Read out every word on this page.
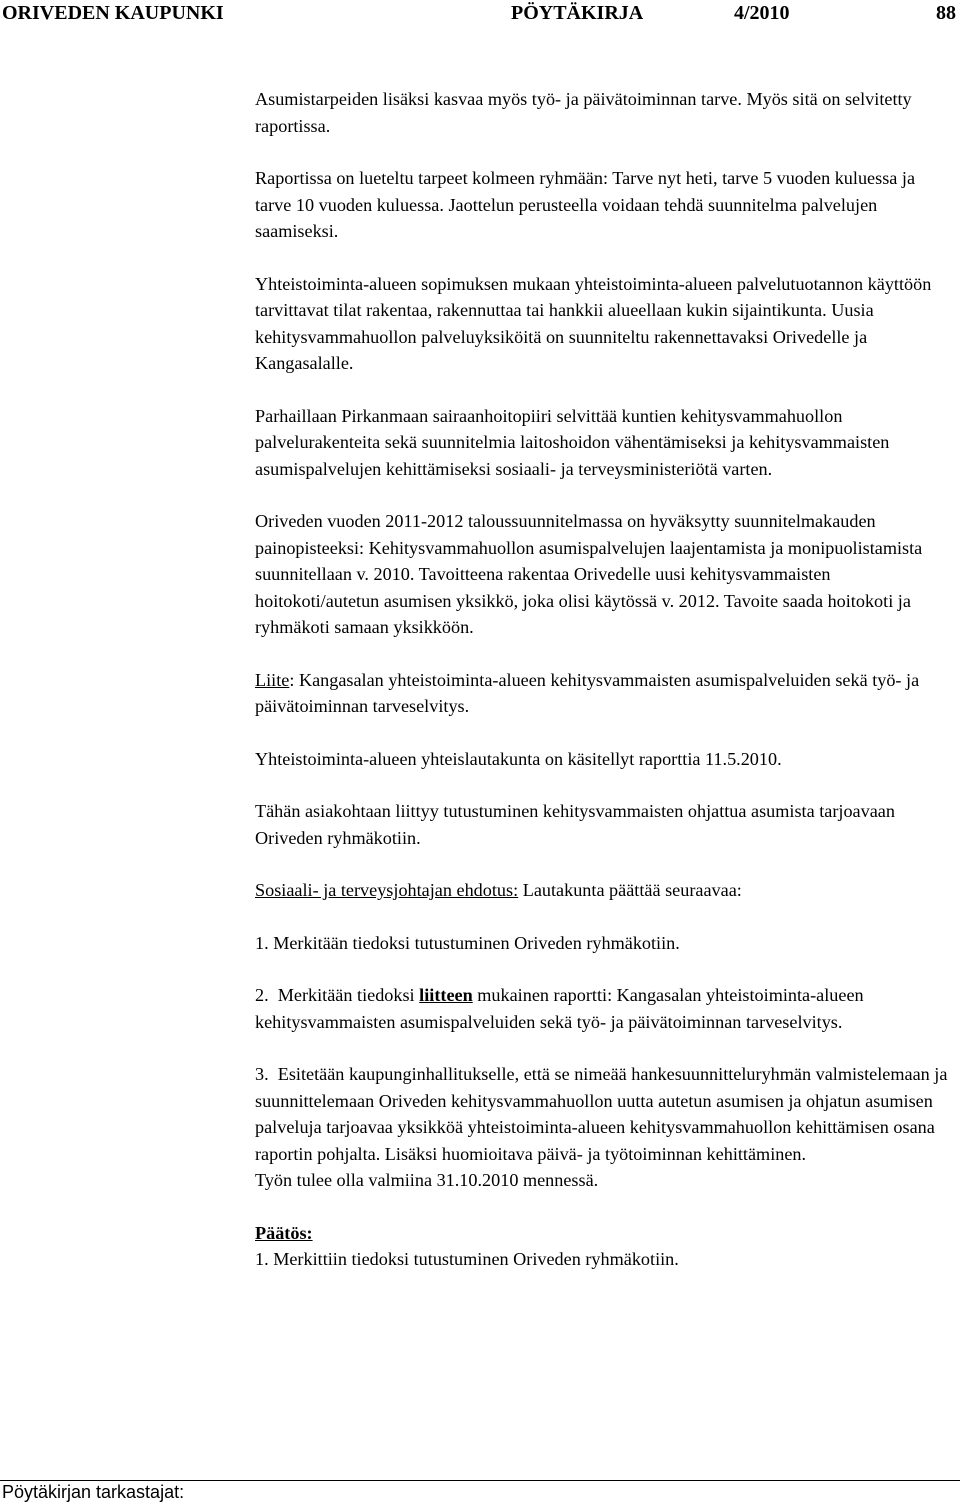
ORIVEDEN KAUPUNKI	PÖYTÄKIRJA	4/2010	88

Asumistarpeiden lisäksi kasvaa myös työ- ja päivätoiminnan tarve. Myös sitä on selvitetty raportissa.

Raportissa on lueteltu tarpeet kolmeen ryhmään: Tarve nyt heti, tarve 5 vuoden kuluessa ja tarve 10 vuoden kuluessa. Jaottelun perusteella voidaan tehdä suunnitelma palvelujen saamiseksi.

Yhteistoiminta-alueen sopimuksen mukaan yhteistoiminta-alueen palvelutuotannon käyttöön tarvittavat tilat rakentaa, rakennuttaa tai hankkii alueellaan kukin sijaintikunta. Uusia kehitysvammahuollon palveluyksiköitä on suunniteltu rakennettavaksi Orivedelle ja Kangasalalle.

Parhaillaan Pirkanmaan sairaanhoitopiiri selvittää kuntien kehitysvammahuollon palvelurakenteita sekä suunnitelmia laitoshoidon vähentämiseksi ja kehitysvammaisten asumispalvelujen kehittämiseksi sosiaali- ja terveysministeriötä varten.

Oriveden vuoden 2011-2012 taloussuunnitelmassa on hyväksytty suunnitelmakauden painopisteeksi: Kehitysvammahuollon asumispalvelujen laajentamista ja monipuolistamista suunnitellaan v. 2010. Tavoitteena rakentaa Orivedelle uusi kehitysvammaisten hoitokoti/autetun asumisen yksikkö, joka olisi käytössä v. 2012. Tavoite saada hoitokoti ja ryhmäkoti samaan yksikköön.

Liite: Kangasalan yhteistoiminta-alueen kehitysvammaisten asumispalveluiden sekä työ- ja päivätoiminnan tarveselvitys.

Yhteistoiminta-alueen yhteislautakunta on käsitellyt raporttia 11.5.2010.

Tähän asiakohtaan liittyy tutustuminen kehitysvammaisten ohjattua asumista tarjoavaan Oriveden ryhmäkotiin.

Sosiaali- ja terveysjohtajan ehdotus: Lautakunta päättää seuraavaa:

1. Merkitään tiedoksi tutustuminen Oriveden ryhmäkotiin.

2. Merkitään tiedoksi liitteen mukainen raportti: Kangasalan yhteistoiminta-alueen kehitysvammaisten asumispalveluiden sekä työ- ja päivätoiminnan tarveselvitys.

3. Esitetään kaupunginhallitukselle, että se nimeää hankesuunnitteluryhmän valmistelemaan ja suunnittelemaan Oriveden kehitysvammahuollon uutta autetun asumisen ja ohjatun asumisen palveluja tarjoavaa yksikköä yhteistoiminta-alueen kehitysvammahuollon kehittämisen osana raportin pohjalta. Lisäksi huomioitava päivä- ja työtoiminnan kehittäminen.
Työn tulee olla valmiina 31.10.2010 mennessä.

Päätös:

1. Merkittiin tiedoksi tutustuminen Oriveden ryhmäkotiin.

Pöytäkirjan tarkastajat:
